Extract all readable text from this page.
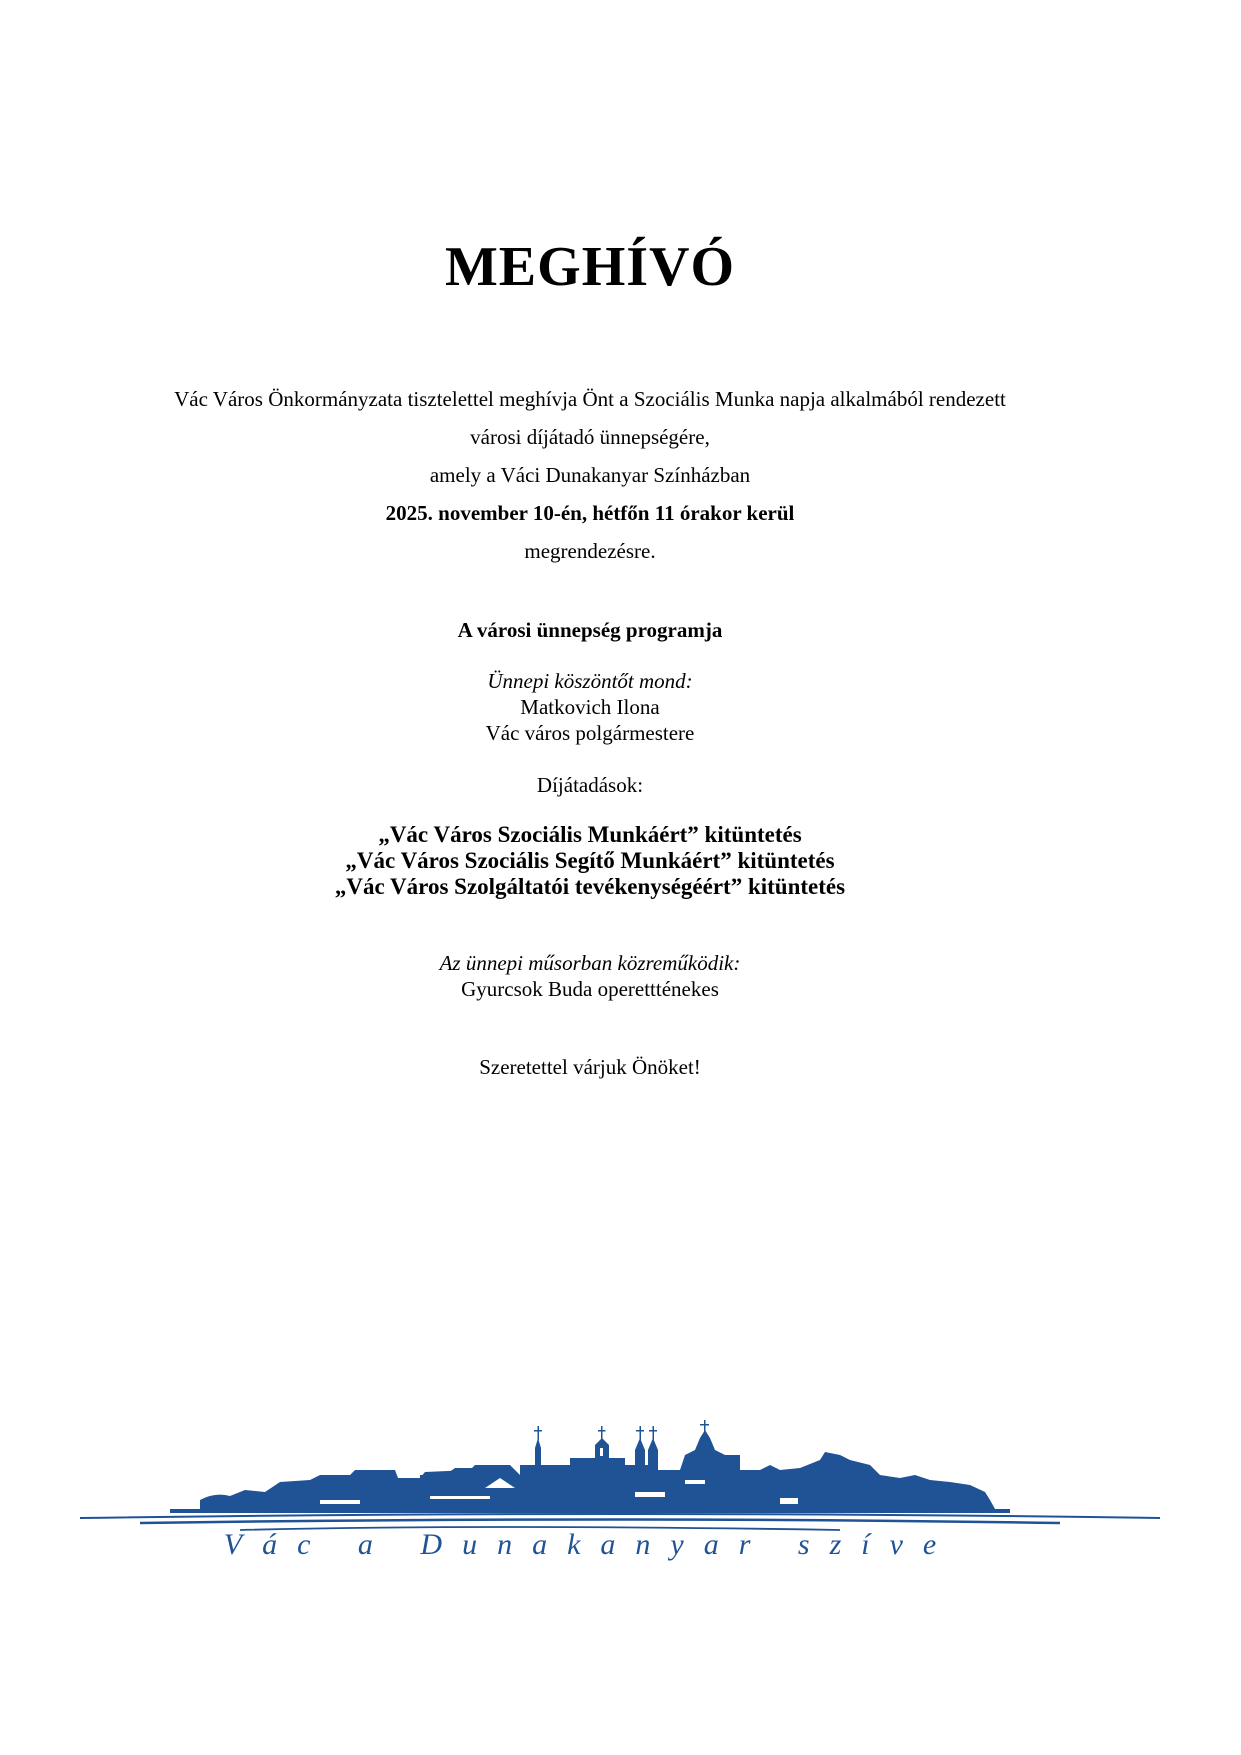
MEGHÍVÓ
Vác Város Önkormányzata tisztelettel meghívja Önt a Szociális Munka napja alkalmából rendezett
városi díjátadó ünnepségére,
amely a Váci Dunakanyar Színházban
2025. november 10-én, hétfőn 11 órakor kerül
megrendezésre.
A városi ünnepség programja
Ünnepi köszöntőt mond:
Matkovich Ilona
Vác város polgármestere
Díjátadások:
„Vác Város Szociális Munkáért” kitüntetés
„Vác Város Szociális Segítő Munkáért” kitüntetés
„Vác Város Szolgáltatói tevékenységéért” kitüntetés
Az ünnepi műsorban közreműködik:
Gyurcsok Buda operettténekes
Szeretettel várjuk Önöket!
Vác a Dunakanyar szíve
